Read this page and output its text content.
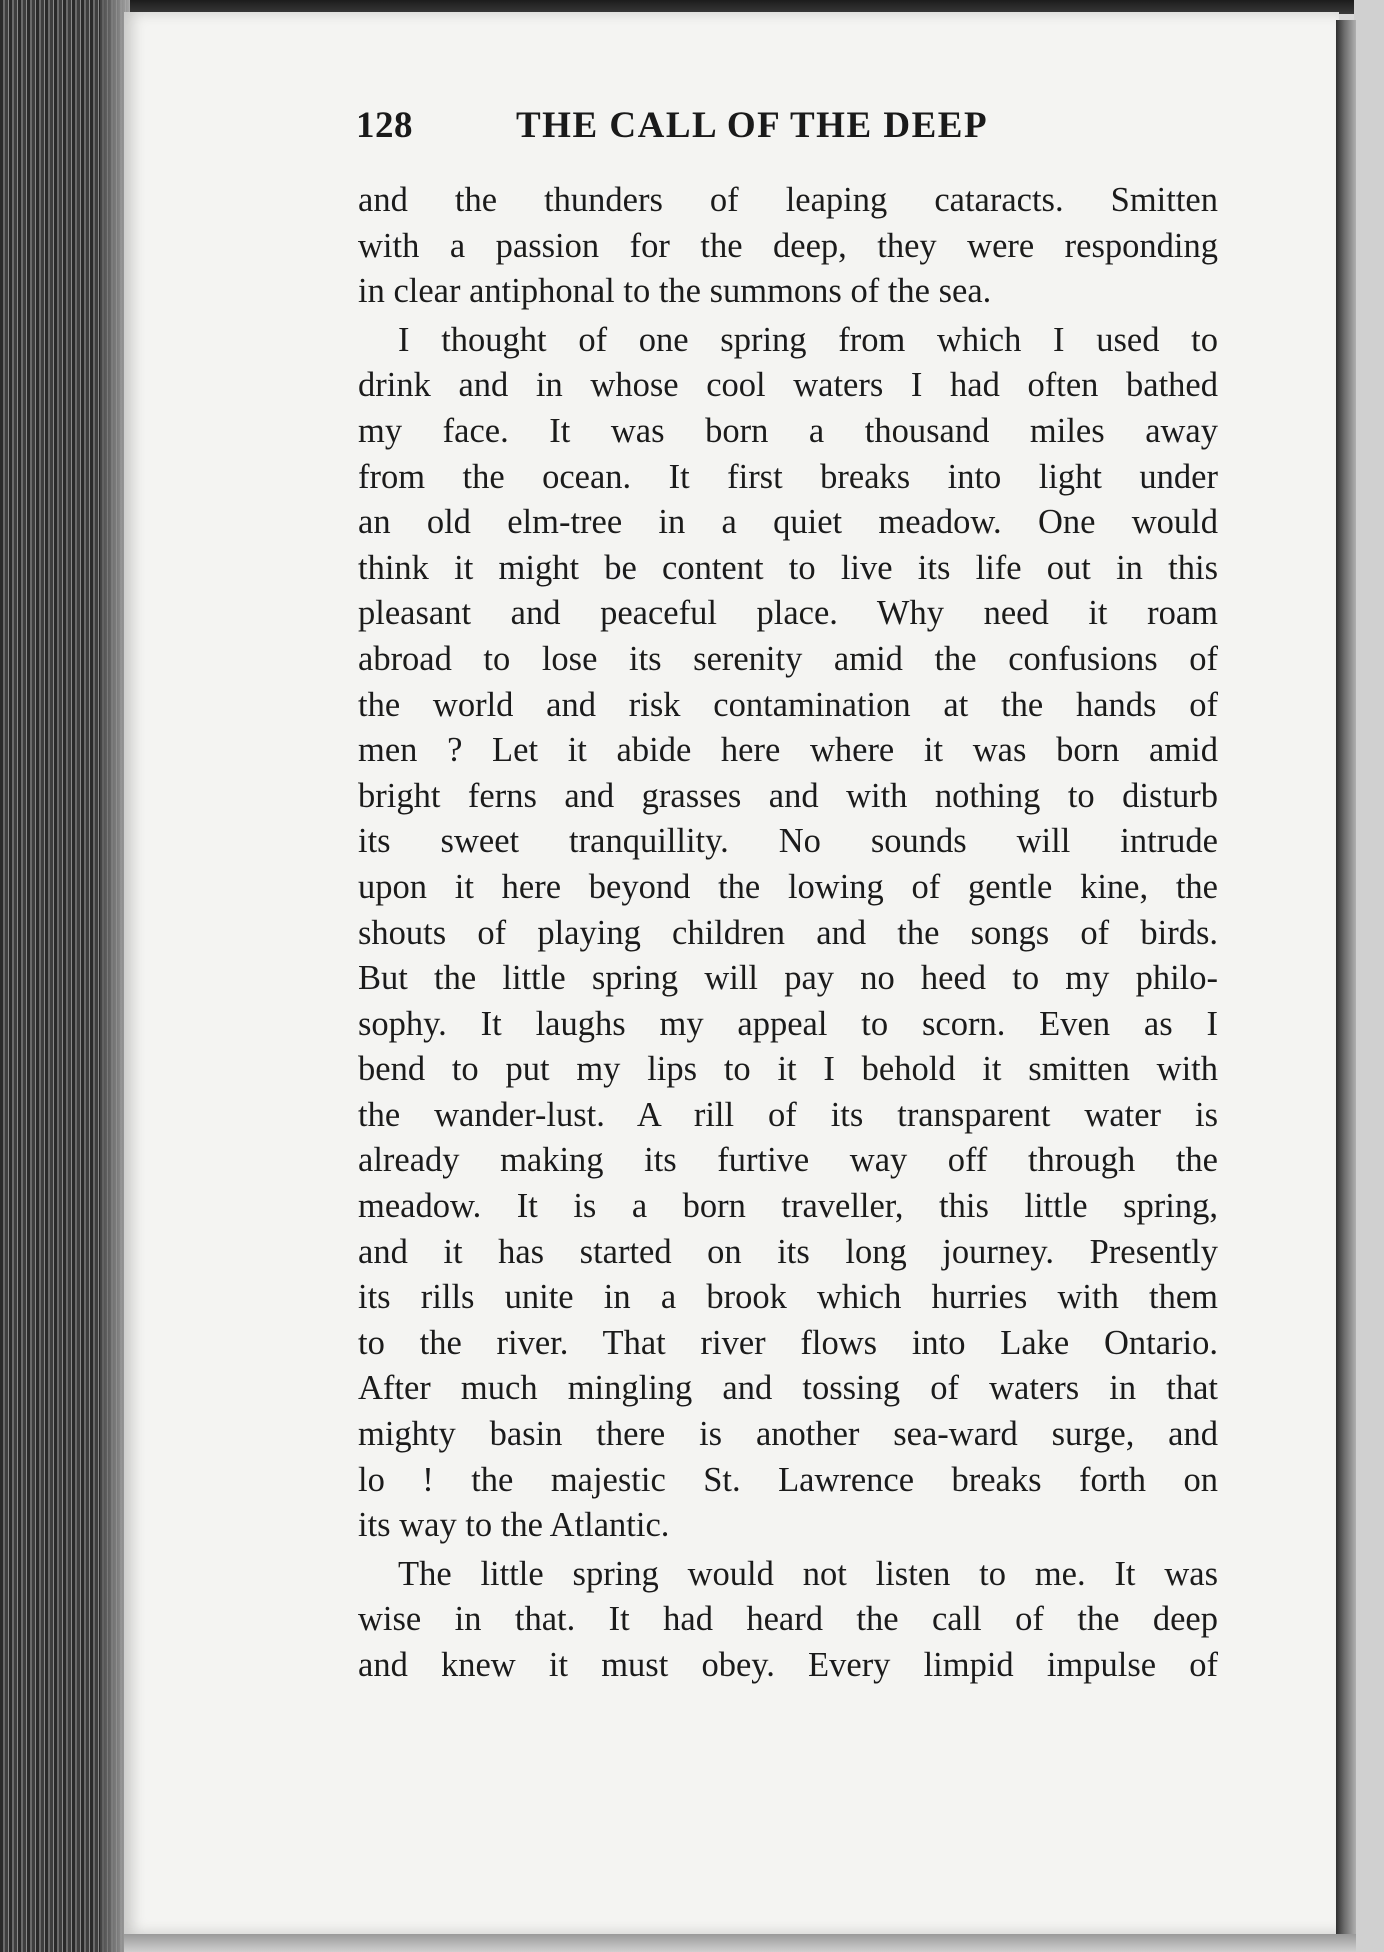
128	THE CALL OF THE DEEP
and the thunders of leaping cataracts. Smitten
with a passion for the deep, they were responding
in clear antiphonal to the summons of the sea.
I thought of one spring from which I used to
drink and in whose cool waters I had often bathed
my face. It was born a thousand miles away
from the ocean. It first breaks into light under
an old elm-tree in a quiet meadow. One would
think it might be content to live its life out in this
pleasant and peaceful place. Why need it roam
abroad to lose its serenity amid the confusions of
the world and risk contamination at the hands of
men ? Let it abide here where it was born amid
bright ferns and grasses and with nothing to disturb
its sweet tranquillity. No sounds will intrude
upon it here beyond the lowing of gentle kine, the
shouts of playing children and the songs of birds.
But the little spring will pay no heed to my philo-
sophy. It laughs my appeal to scorn. Even as I
bend to put my lips to it I behold it smitten with
the wander-lust. A rill of its transparent water is
already making its furtive way off through the
meadow. It is a born traveller, this little spring,
and it has started on its long journey. Presently
its rills unite in a brook which hurries with them
to the river. That river flows into Lake Ontario.
After much mingling and tossing of waters in that
mighty basin there is another sea-ward surge, and
lo ! the majestic St. Lawrence breaks forth on
its way to the Atlantic.
The little spring would not listen to me. It was
wise in that. It had heard the call of the deep
and knew it must obey. Every limpid impulse of
